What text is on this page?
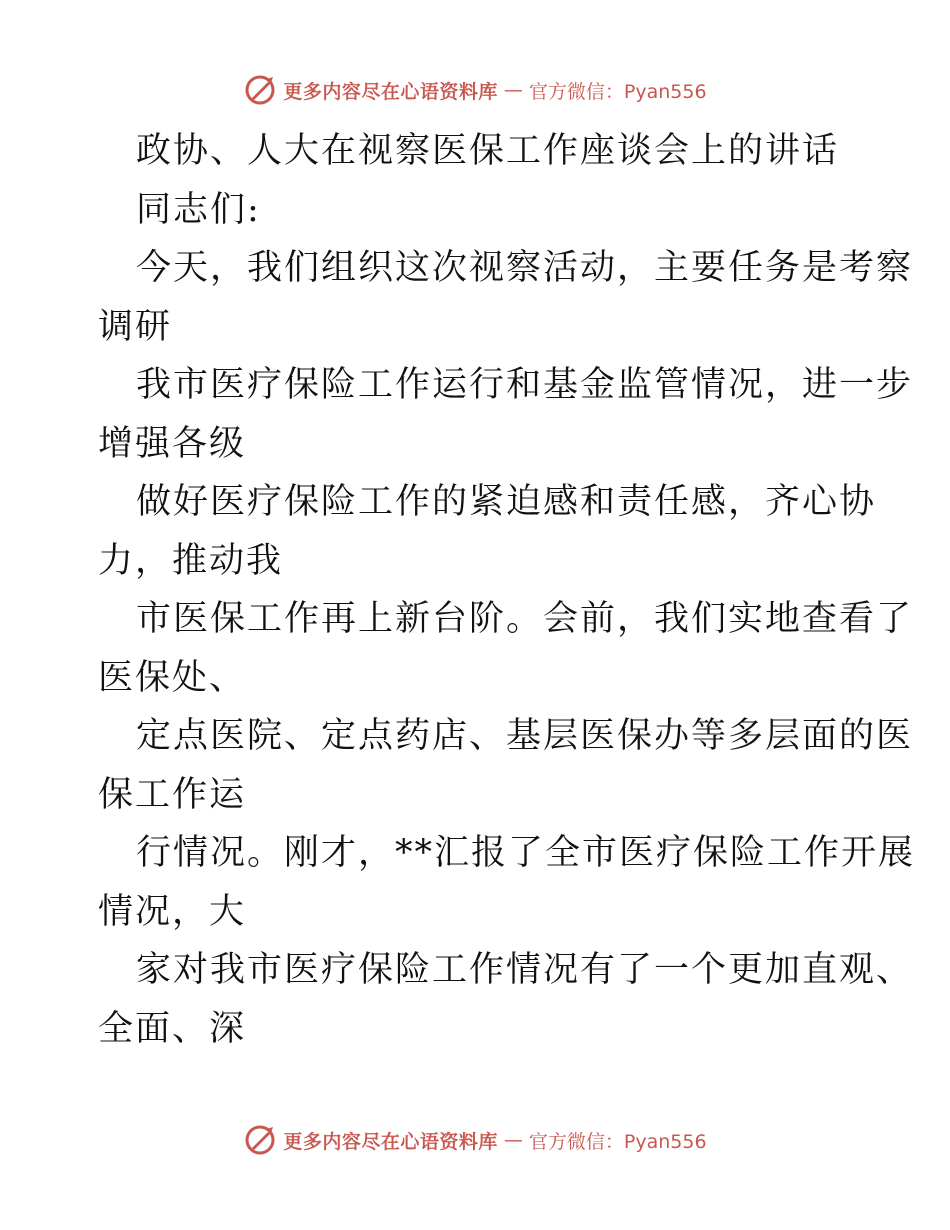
更多内容尽在心语资料库 — 官方微信：Pyan556
政协、人大在视察医保工作座谈会上的讲话
同志们:
今天，我们组织这次视察活动，主要任务是考察
调研
我市医疗保险工作运行和基金监管情况，进一步
增强各级
做好医疗保险工作的紧迫感和责任感，齐心协
力，推动我
市医保工作再上新台阶。会前，我们实地查看了
医保处、
定点医院、定点药店、基层医保办等多层面的医
保工作运
行情况。刚才，**汇报了全市医疗保险工作开展
情况，大
家对我市医疗保险工作情况有了一个更加直观、
全面、深
更多内容尽在心语资料库 — 官方微信：Pyan556
